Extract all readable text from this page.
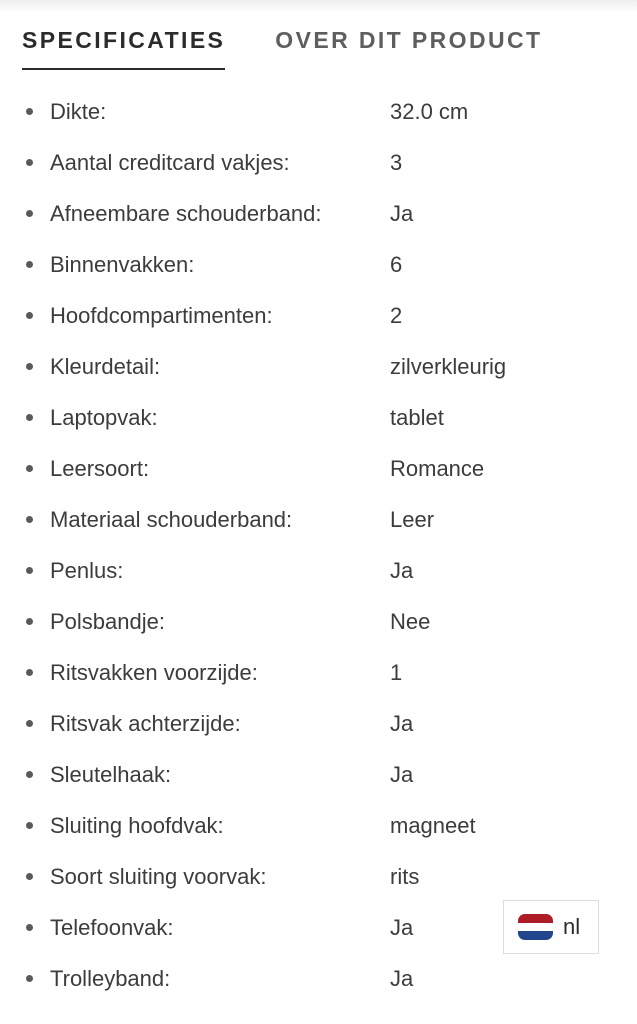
SPECIFICATIES OVER DIT PRODUCT
Dikte:	32.0 cm
Aantal creditcard vakjes:	3
Afneembare schouderband:	Ja
Binnenvakken:	6
Hoofdcompartimenten:	2
Kleurdetail:	zilverkleurig
Laptopvak:	tablet
Leersoort:	Romance
Materiaal schouderband:	Leer
Penlus:	Ja
Polsbandje:	Nee
Ritsvakken voorzijde:	1
Ritsvak achterzijde:	Ja
Sleutelhaak:	Ja
Sluiting hoofdvak:	magneet
Soort sluiting voorvak:	rits
Telefoonvak:	Ja
Trolleyband:	Ja
nl
